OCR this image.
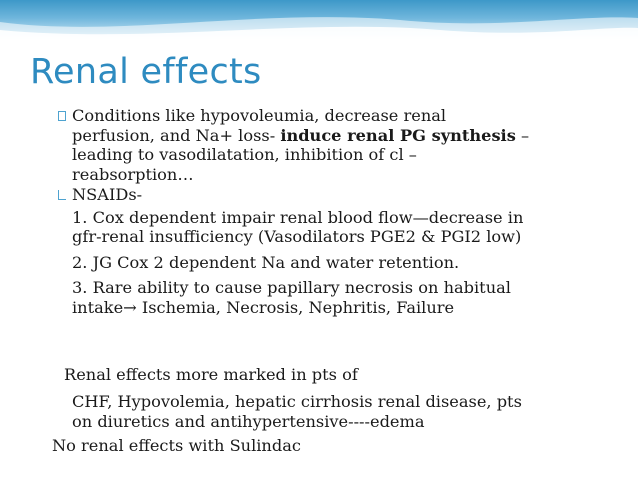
Renal effects
Conditions like hypovoleumia, decrease renal
perfusion, and Na+ loss- induce renal PG synthesis –
leading to vasodilatation, inhibition of cl –
reabsorption…
NSAIDs-
1. Cox dependent impair renal blood flow—decrease in
gfr-renal insufficiency (Vasodilators PGE2 & PGI2 low)
2. JG Cox 2 dependent Na and water retention.
3. Rare ability to cause papillary necrosis on habitual
intake→ Ischemia, Necrosis, Nephritis, Failure
Renal effects more marked in pts of
CHF, Hypovolemia, hepatic cirrhosis renal disease, pts
on diuretics and antihypertensive----edema
No renal effects with Sulindac
